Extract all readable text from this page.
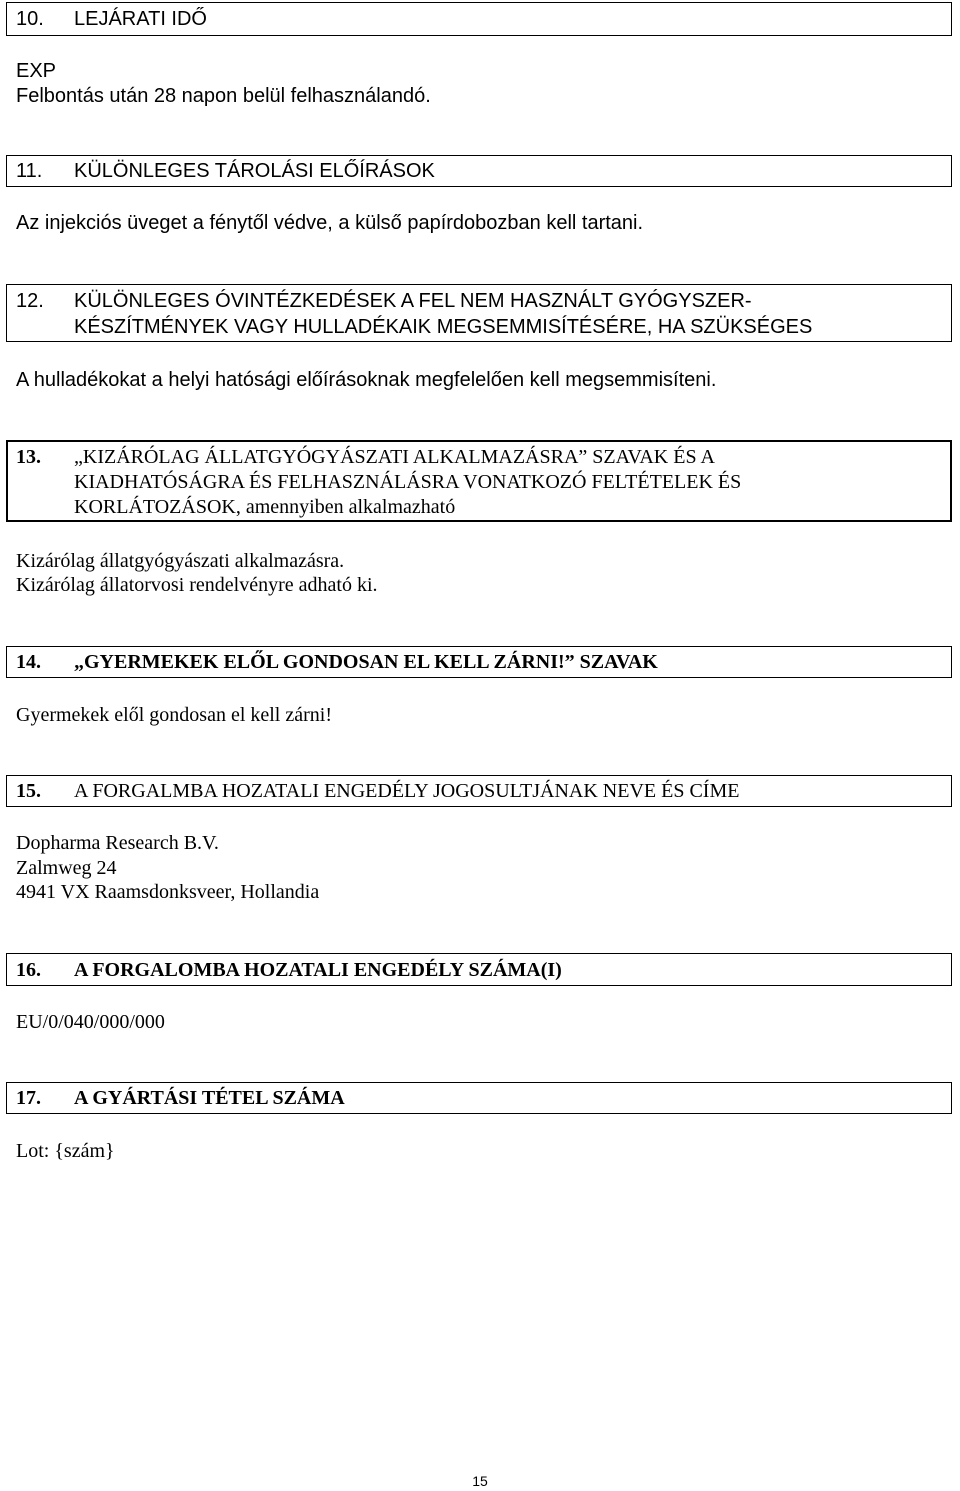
10. LEJÁRATI IDŐ
EXP
Felbontás után 28 napon belül felhasználandó.
11. KÜLÖNLEGES TÁROLÁSI ELŐÍRÁSOK
Az injekciós üveget a fénytől védve, a külső papírdobozban kell tartani.
12. KÜLÖNLEGES ÓVINTÉZKEDÉSEK A FEL NEM HASZNÁLT GYÓGYSZER-
KÉSZÍTMÉNYEK VAGY HULLADÉKAIK MEGSEMMISÍTÉSÉRE, HA SZÜKSÉGES
A hulladékokat a helyi hatósági előírásoknak megfelelően kell megsemmisíteni.
13. „KIZÁRÓLAG ÁLLATGYÓGYÁSZATI ALKALMAZÁSRA” SZAVAK ÉS A
KIADHATÓSÁGRA ÉS FELHASZNÁLÁSRA VONATKOZÓ FELTÉTELEK ÉS
KORLÁTOZÁSOK, amennyiben alkalmazható
Kizárólag állatgyógyászati alkalmazásra.
Kizárólag állatorvosi rendelvényre adható ki.
14. „GYERMEKEK ELŐL GONDOSAN EL KELL ZÁRNI!” SZAVAK
Gyermekek elől gondosan el kell zárni!
15. A FORGALMBA HOZATALI ENGEDÉLY JOGOSULTJÁNAK NEVE ÉS CÍME
Dopharma Research B.V.
Zalmweg 24
4941 VX Raamsdonksveer, Hollandia
16. A FORGALOMBA HOZATALI ENGEDÉLY SZÁMA(I)
EU/0/040/000/000
17. A GYÁRTÁSI TÉTEL SZÁMA
Lot: {szám}
15
